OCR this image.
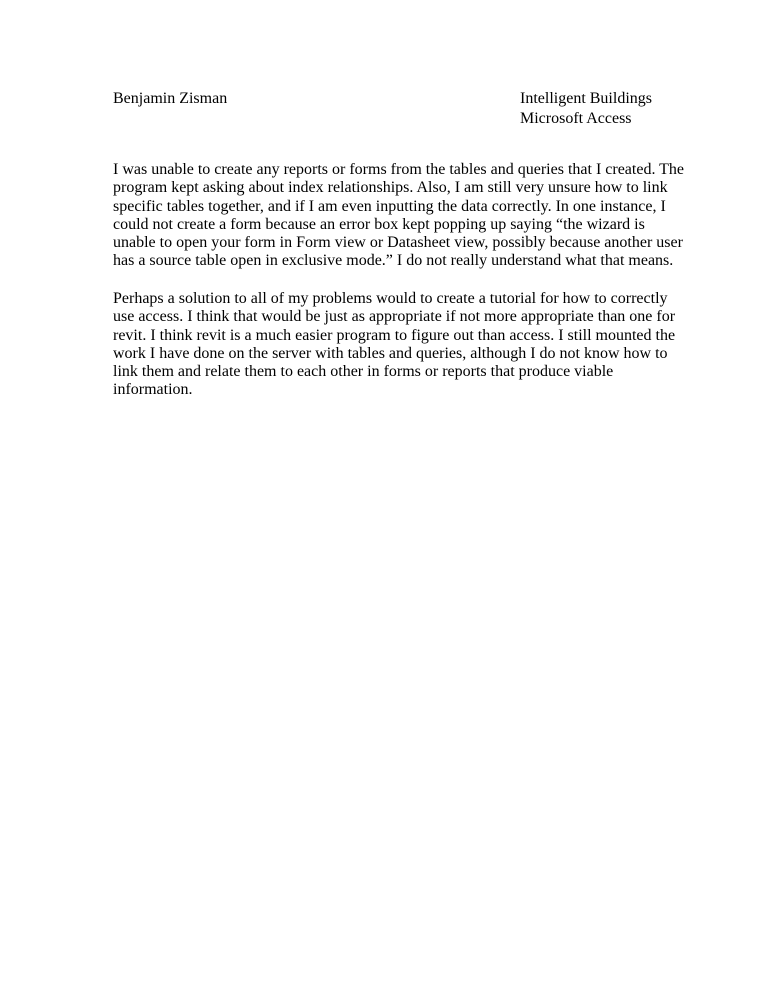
Benjamin Zisman	Intelligent Buildings
Microsoft Access
I was unable to create any reports or forms from the tables and queries that I created. The
program kept asking about index relationships. Also, I am still very unsure how to link
specific tables together, and if I am even inputting the data correctly. In one instance, I
could not create a form because an error box kept popping up saying “the wizard is
unable to open your form in Form view or Datasheet view, possibly because another user
has a source table open in exclusive mode.” I do not really understand what that means.
Perhaps a solution to all of my problems would to create a tutorial for how to correctly
use access. I think that would be just as appropriate if not more appropriate than one for
revit. I think revit is a much easier program to figure out than access. I still mounted the
work I have done on the server with tables and queries, although I do not know how to
link them and relate them to each other in forms or reports that produce viable
information.
